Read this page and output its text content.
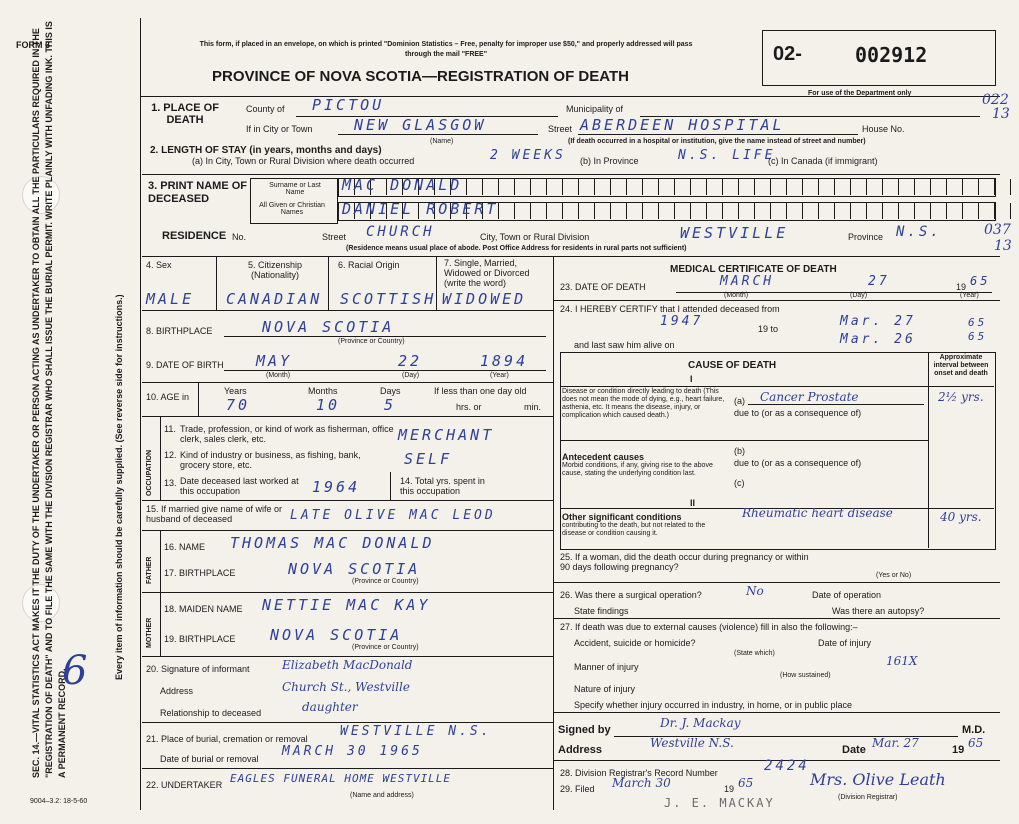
FORM 6
SEC. 14.—VITAL STATISTICS ACT MAKES IT THE DUTY OF THE UNDERTAKER OR PERSON ACTING AS UNDERTAKER TO OBTAIN ALL THE PARTICULARS REQUIRED IN THE "REGISTRATION OF DEATH" AND TO FILE THE SAME WITH THE DIVISION REGISTRAR WHO SHALL ISSUE THE BURIAL PERMIT. WRITE PLAINLY WITH UNFADING INK. THIS IS A PERMANENT RECORD.
Every item of information should be carefully supplied. (See reverse side for instructions.)
6
This form, if placed in an envelope, on which is printed "Dominion Statistics – Free, penalty for improper use $50," and properly addressed will pass through the mail "FREE"
PROVINCE OF NOVA SCOTIA—REGISTRATION OF DEATH
02-	002912
For use of the Department only	022
13
1. PLACE OF DEATH
County of PICTOU	Municipality of
If in City or Town	NEW GLASGOW
(Name)
Street ABERDEEN HOSPITAL	House No.
(If death occurred in a hospital or institution, give the name instead of street and number)
2. LENGTH OF STAY (in years, months and days)
(a) In City, Town or Rural Division where death occurred	2 WEEKS (b) In Province	N.S. LIFE
(c) In Canada (if immigrant)
3. PRINT NAME OF DECEASED
Surname or Last Name
All Given or Christian Names
MAC DONALD
DANIEL ROBERT
RESIDENCE No.	Street CHURCH	City, Town or Rural Division	WESTVILLE	Province N.S.	037
13
(Residence means usual place of abode. Post Office Address for residents in rural parts not sufficient)
4. Sex	5. Citizenship (Nationality)
6. Racial Origin	7. Single, Married, Widowed or Divorced (write the word)
MALE CANADIAN SCOTTISH WIDOWED
8. BIRTHPLACE	NOVA SCOTIA
(Province or Country)
9. DATE OF BIRTH MAY	22	1894
(Month)	(Day)	(Year)
10. AGE in
Years	Months	Days	If less than one day old
70	10	5	hrs. or	min.
OCCUPATION
11. Trade, profession, or kind of work as fisherman, office clerk, sales clerk, etc.	MERCHANT
12. Kind of industry or business, as fishing, bank, grocery store, etc.	SELF
13. Date deceased last worked at this occupation	1964	14. Total yrs. spent in this occupation
15. If married give name of wife or husband of deceased	LATE OLIVE MAC LEOD
FATHER
16. NAME THOMAS MAC DONALD
17. BIRTHPLACE	NOVA SCOTIA
(Province or Country)
MOTHER
18. MAIDEN NAME NETTIE MAC KAY
19. BIRTHPLACE NOVA SCOTIA
(Province or Country)
20. Signature of informant	Elizabeth MacDonald
Address	Church St., Westville
Relationship to deceased	daughter
21. Place of burial, cremation or removal WESTVILLE N.S.
Date of burial or removal MARCH 30 1965
22. UNDERTAKER EAGLES FUNERAL HOME WESTVILLE
(Name and address)
9004–3.2: 18-5-60
MEDICAL CERTIFICATE OF DEATH
23. DATE OF DEATH	MARCH	27	19 65
(Month)	(Day)	(Year)
24. I HEREBY CERTIFY that I attended deceased from
1947	19 to	Mar. 27	65
and last saw him alive on	Mar. 26	65
CAUSE OF DEATH
Approximate interval between onset and death
I
Disease or condition directly leading to death (This does not mean the mode of dying, e.g., heart failure, asthenia, etc. It means the disease, injury, or complication which caused death.)
(a) Cancer Prostate	2½ yrs.
due to (or as a consequence of)
(b)
Antecedent causes
Morbid conditions, if any, giving rise to the above cause, stating the underlying condition last.
due to (or as a consequence of)
(c)
II
Other significant conditions
contributing to the death, but not related to the disease or condition causing it.
Rheumatic heart disease	40 yrs.
25. If a woman, did the death occur during pregnancy or within 90 days following pregnancy?
(Yes or No)
26. Was there a surgical operation?	No	Date of operation
State findings	Was there an autopsy?
27. If death was due to external causes (violence) fill in also the following:–
Accident, suicide or homicide?	Date of injury
(State which)
Manner of injury	161X
(How sustained)
Nature of injury
Specify whether injury occurred in industry, in home, or in public place
Signed by	Dr. J. Mackay	M.D.
Address	Westville N.S.	Date Mar. 27	19 65
28. Division Registrar's Record Number	2424
29. Filed March 30	19 65	Mrs. Olive Leath
(Division Registrar)
J. E. MACKAY
